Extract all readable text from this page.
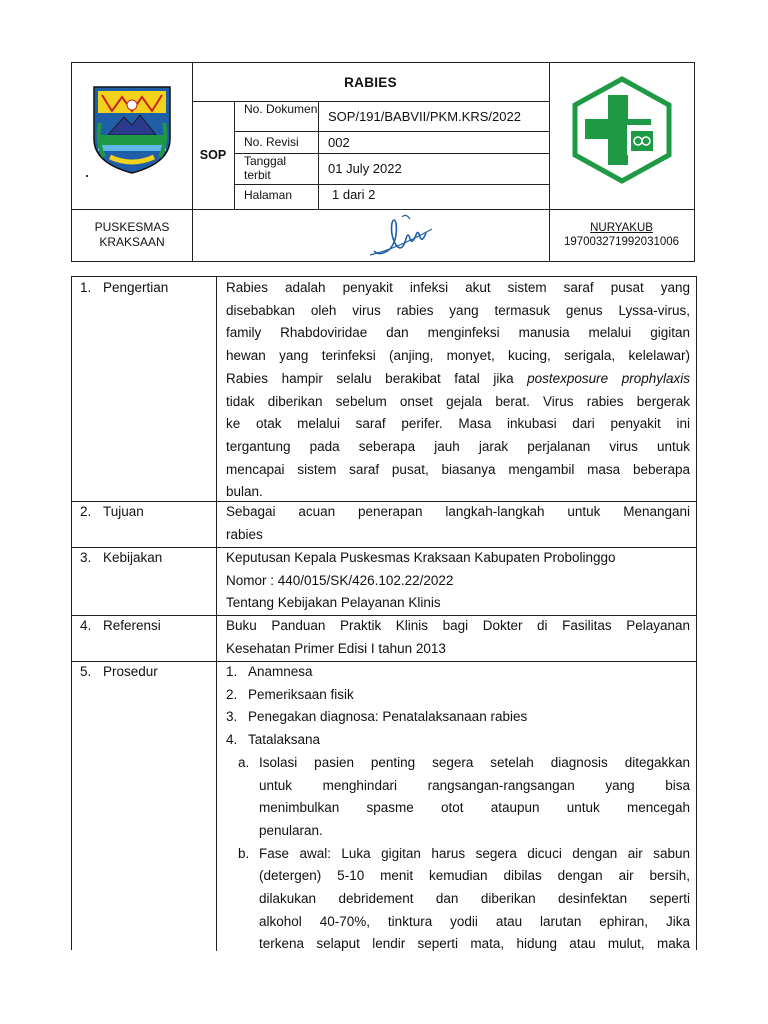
RABIES
SOP
No. Dokumen SOP/191/BABVII/PKM.KRS/2022
No. Revisi 002
Tanggal terbit	01 July 2022
Halaman	1 dari 2
PUSKESMAS
KRAKSAAN
NURYAKUB
197003271992031006
1. Pengertian	Rabies adalah penyakit infeksi akut sistem saraf pusat yang
disebabkan oleh virus rabies yang termasuk genus Lyssa-virus,
family Rhabdoviridae dan menginfeksi manusia melalui gigitan
hewan yang terinfeksi (anjing, monyet, kucing, serigala, kelelawar)
Rabies hampir selalu berakibat fatal jika postexposure prophylaxis
tidak diberikan sebelum onset gejala berat. Virus rabies bergerak
ke otak melalui saraf perifer. Masa inkubasi dari penyakit ini
tergantung pada seberapa jauh jarak perjalanan virus untuk
mencapai sistem saraf pusat, biasanya mengambil masa beberapa
bulan.
2. Tujuan	Sebagai acuan penerapan langkah-langkah untuk Menangani
rabies
3. Kebijakan	Keputusan Kepala Puskesmas Kraksaan Kabupaten Probolinggo
Nomor : 440/015/SK/426.102.22/2022
Tentang Kebijakan Pelayanan Klinis
4. Referensi	Buku Panduan Praktik Klinis bagi Dokter di Fasilitas Pelayanan
Kesehatan Primer Edisi I tahun 2013
5. Prosedur	1. Anamnesa
2. Pemeriksaan fisik
3. Penegakan diagnosa: Penatalaksanaan rabies
4. Tatalaksana
a. Isolasi pasien penting segera setelah diagnosis ditegakkan
untuk menghindari rangsangan-rangsangan yang bisa
menimbulkan spasme otot ataupun untuk mencegah
penularan.
b. Fase awal: Luka gigitan harus segera dicuci dengan air sabun
(detergen) 5-10 menit kemudian dibilas dengan air bersih,
dilakukan debridement dan diberikan desinfektan seperti
alkohol 40-70%, tinktura yodii atau larutan ephiran, Jika
terkena selaput lendir seperti mata, hidung atau mulut, maka
